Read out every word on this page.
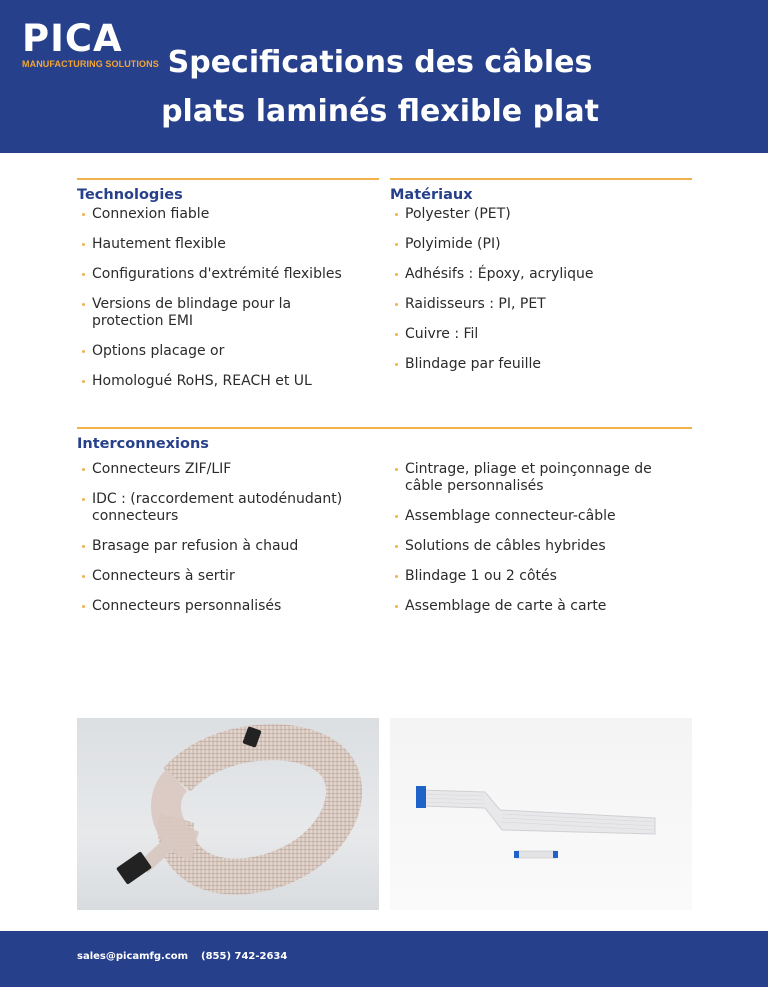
PICA
MANUFACTURING SOLUTIONS Specifications des câbles
plats laminés flexible plat
Technologies
Connexion fiable
Hautement flexible
Configurations d'extrémité flexibles
Versions de blindage pour la
protection EMI
Options placage or
Homologué RoHS, REACH et UL
Matériaux
Polyester (PET)
Polyimide (PI)
Adhésifs : Époxy, acrylique
Raidisseurs : PI, PET
Cuivre : Fil
Blindage par feuille
Interconnexions
Connecteurs ZIF/LIF
IDC : (raccordement autodénudant)
connecteurs
Brasage par refusion à chaud
Connecteurs à sertir
Connecteurs personnalisés
Cintrage, pliage et poinçonnage de
câble personnalisés
Assemblage connecteur-câble
Solutions de câbles hybrides
Blindage 1 ou 2 côtés
Assemblage de carte à carte
sales@picamfg.com (855) 742-2634
